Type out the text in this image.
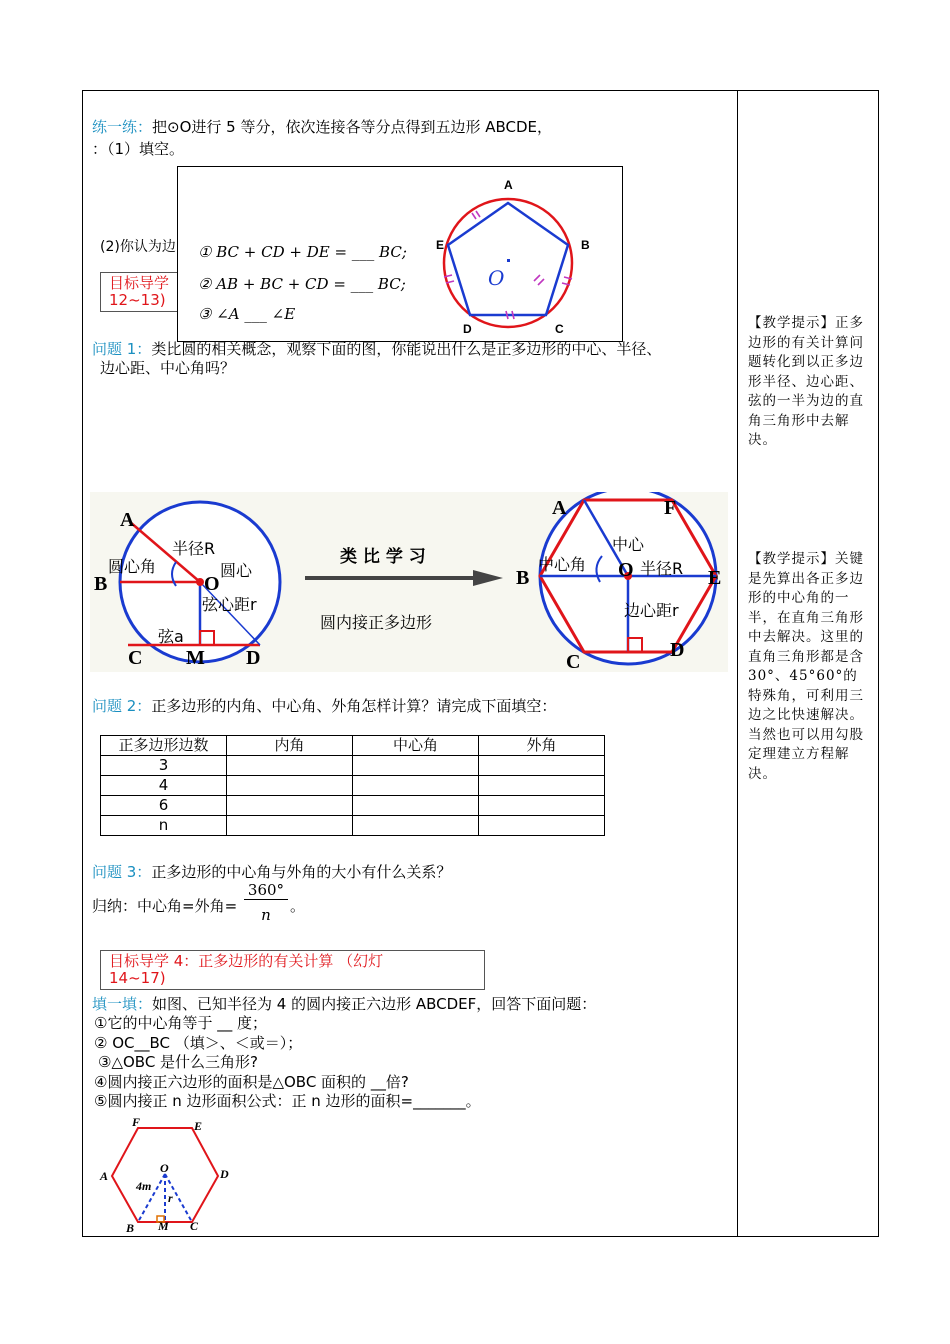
练一练：把⊙O进行 5 等分，依次连接各等分点得到五边形 ABCDE，
：（1）填空。
(2)你认为边
目标导学
12~13)
① BC + CD + DE = ___ BC;
② AB + BC + CD = ___ BC;
③ ∠A ___ ∠E
A
B
C
D
E
O
问题 1：类比圆的相关概念，观察下面的图，你能说出什么是正多边形的中心、半径、
边心距、中心角吗？
A
B
C M D
O
半径R
圆心
圆心角
弦心距r
弦a
类 比 学 习
圆内接正多边形
A	F
B	E
C
D
O
中心
中心角	半径R
边心距r
问题 2：正多边形的内角、中心角、外角怎样计算？请完成下面填空：
正多边形边数	内角	中心角	外角
3			
4			
6			
n			
问题 3：正多边形的中心角与外角的大小有什么关系？
归纳：中心角=外角=
360°
n	。
目标导学 4：正多边形的有关计算 （幻灯
14~17)
填一填：如图、已知半径为 4 的圆内接正六边形 ABCDEF，回答下面问题：
①它的中心角等于 __ 度；
② OC__BC （填＞、＜或＝）；
③△OBC 是什么三角形?
④圆内接正六边形的面积是△OBC 面积的 __倍?
⑤圆内接正 n 边形面积公式：正 n 边形的面积=_______。
F	E
A	D
B	C
O
M
4m
r
【教学提示】正多边形的有关计算问题转化到以正多边形半径、边心距、弦的一半为边的直角三角形中去解决。
【教学提示】关键是先算出各正多边形的中心角的一半，在直角三角形中去解决。这里的直角三角形都是含30°、45°60°的特殊角，可利用三边之比快速解决。当然也可以用勾股定理建立方程解决。
